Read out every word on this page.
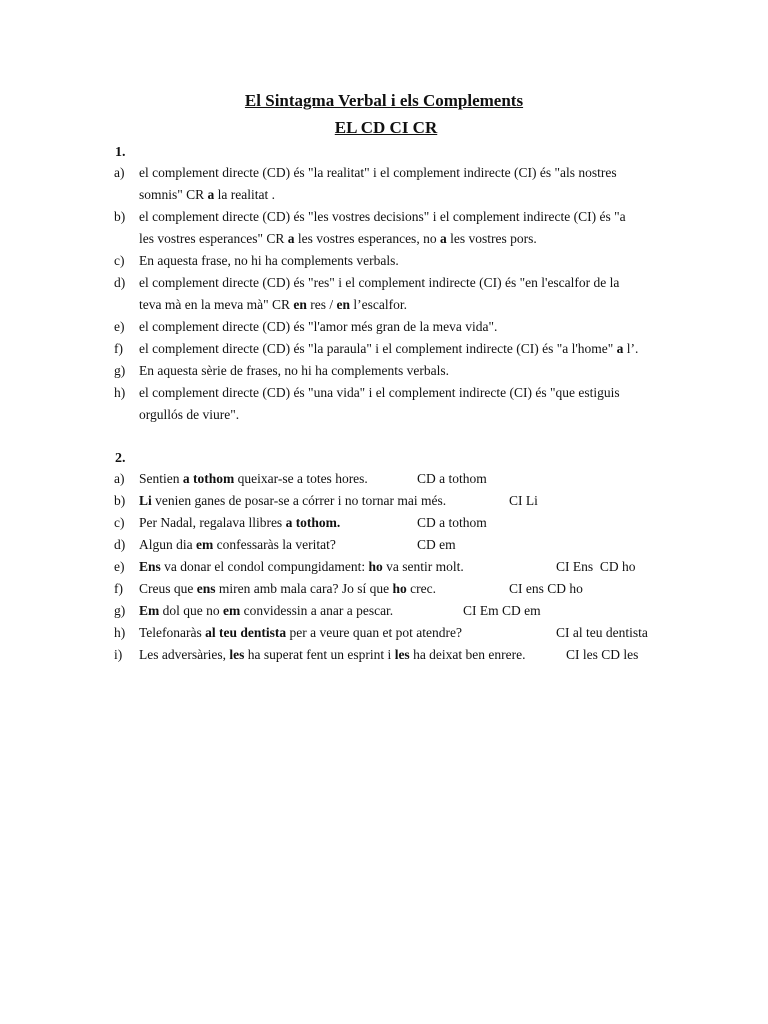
El Sintagma Verbal i els Complements
EL CD CI CR
1.
a) el complement directe (CD) és "la realitat" i el complement indirecte (CI) és "als nostres
somnis" CR a la realitat .
b) el complement directe (CD) és "les vostres decisions" i el complement indirecte (CI) és "a
les vostres esperances" CR a les vostres esperances, no a les vostres pors.
c) En aquesta frase, no hi ha complements verbals.
d) el complement directe (CD) és "res" i el complement indirecte (CI) és "en l'escalfor de la
teva mà en la meva mà" CR en res / en l’escalfor.
e) el complement directe (CD) és "l'amor més gran de la meva vida".
f) el complement directe (CD) és "la paraula" i el complement indirecte (CI) és "a l'home" a l’.
g) En aquesta sèrie de frases, no hi ha complements verbals.
h) el complement directe (CD) és "una vida" i el complement indirecte (CI) és "que estiguis
orgullós de viure".
2.
a) Sentien a tothom queixar-se a totes hores.	CD a tothom
b) Li venien ganes de posar-se a córrer i no tornar mai més.	CI Li
c) Per Nadal, regalava llibres a tothom.	CD a tothom
d) Algun dia em confessaràs la veritat?	CD em
e) Ens va donar el condol compungidament: ho va sentir molt.	CI Ens  CD ho
f) Creus que ens miren amb mala cara? Jo sí que ho crec.	CI ens CD ho
g) Em dol que no em convidessin a anar a pescar.	CI Em CD em
h) Telefonaràs al teu dentista per a veure quan et pot atendre?	CI al teu dentista
i) Les adversàries, les ha superat fent un esprint i les ha deixat ben enrere.	CI les CD les
